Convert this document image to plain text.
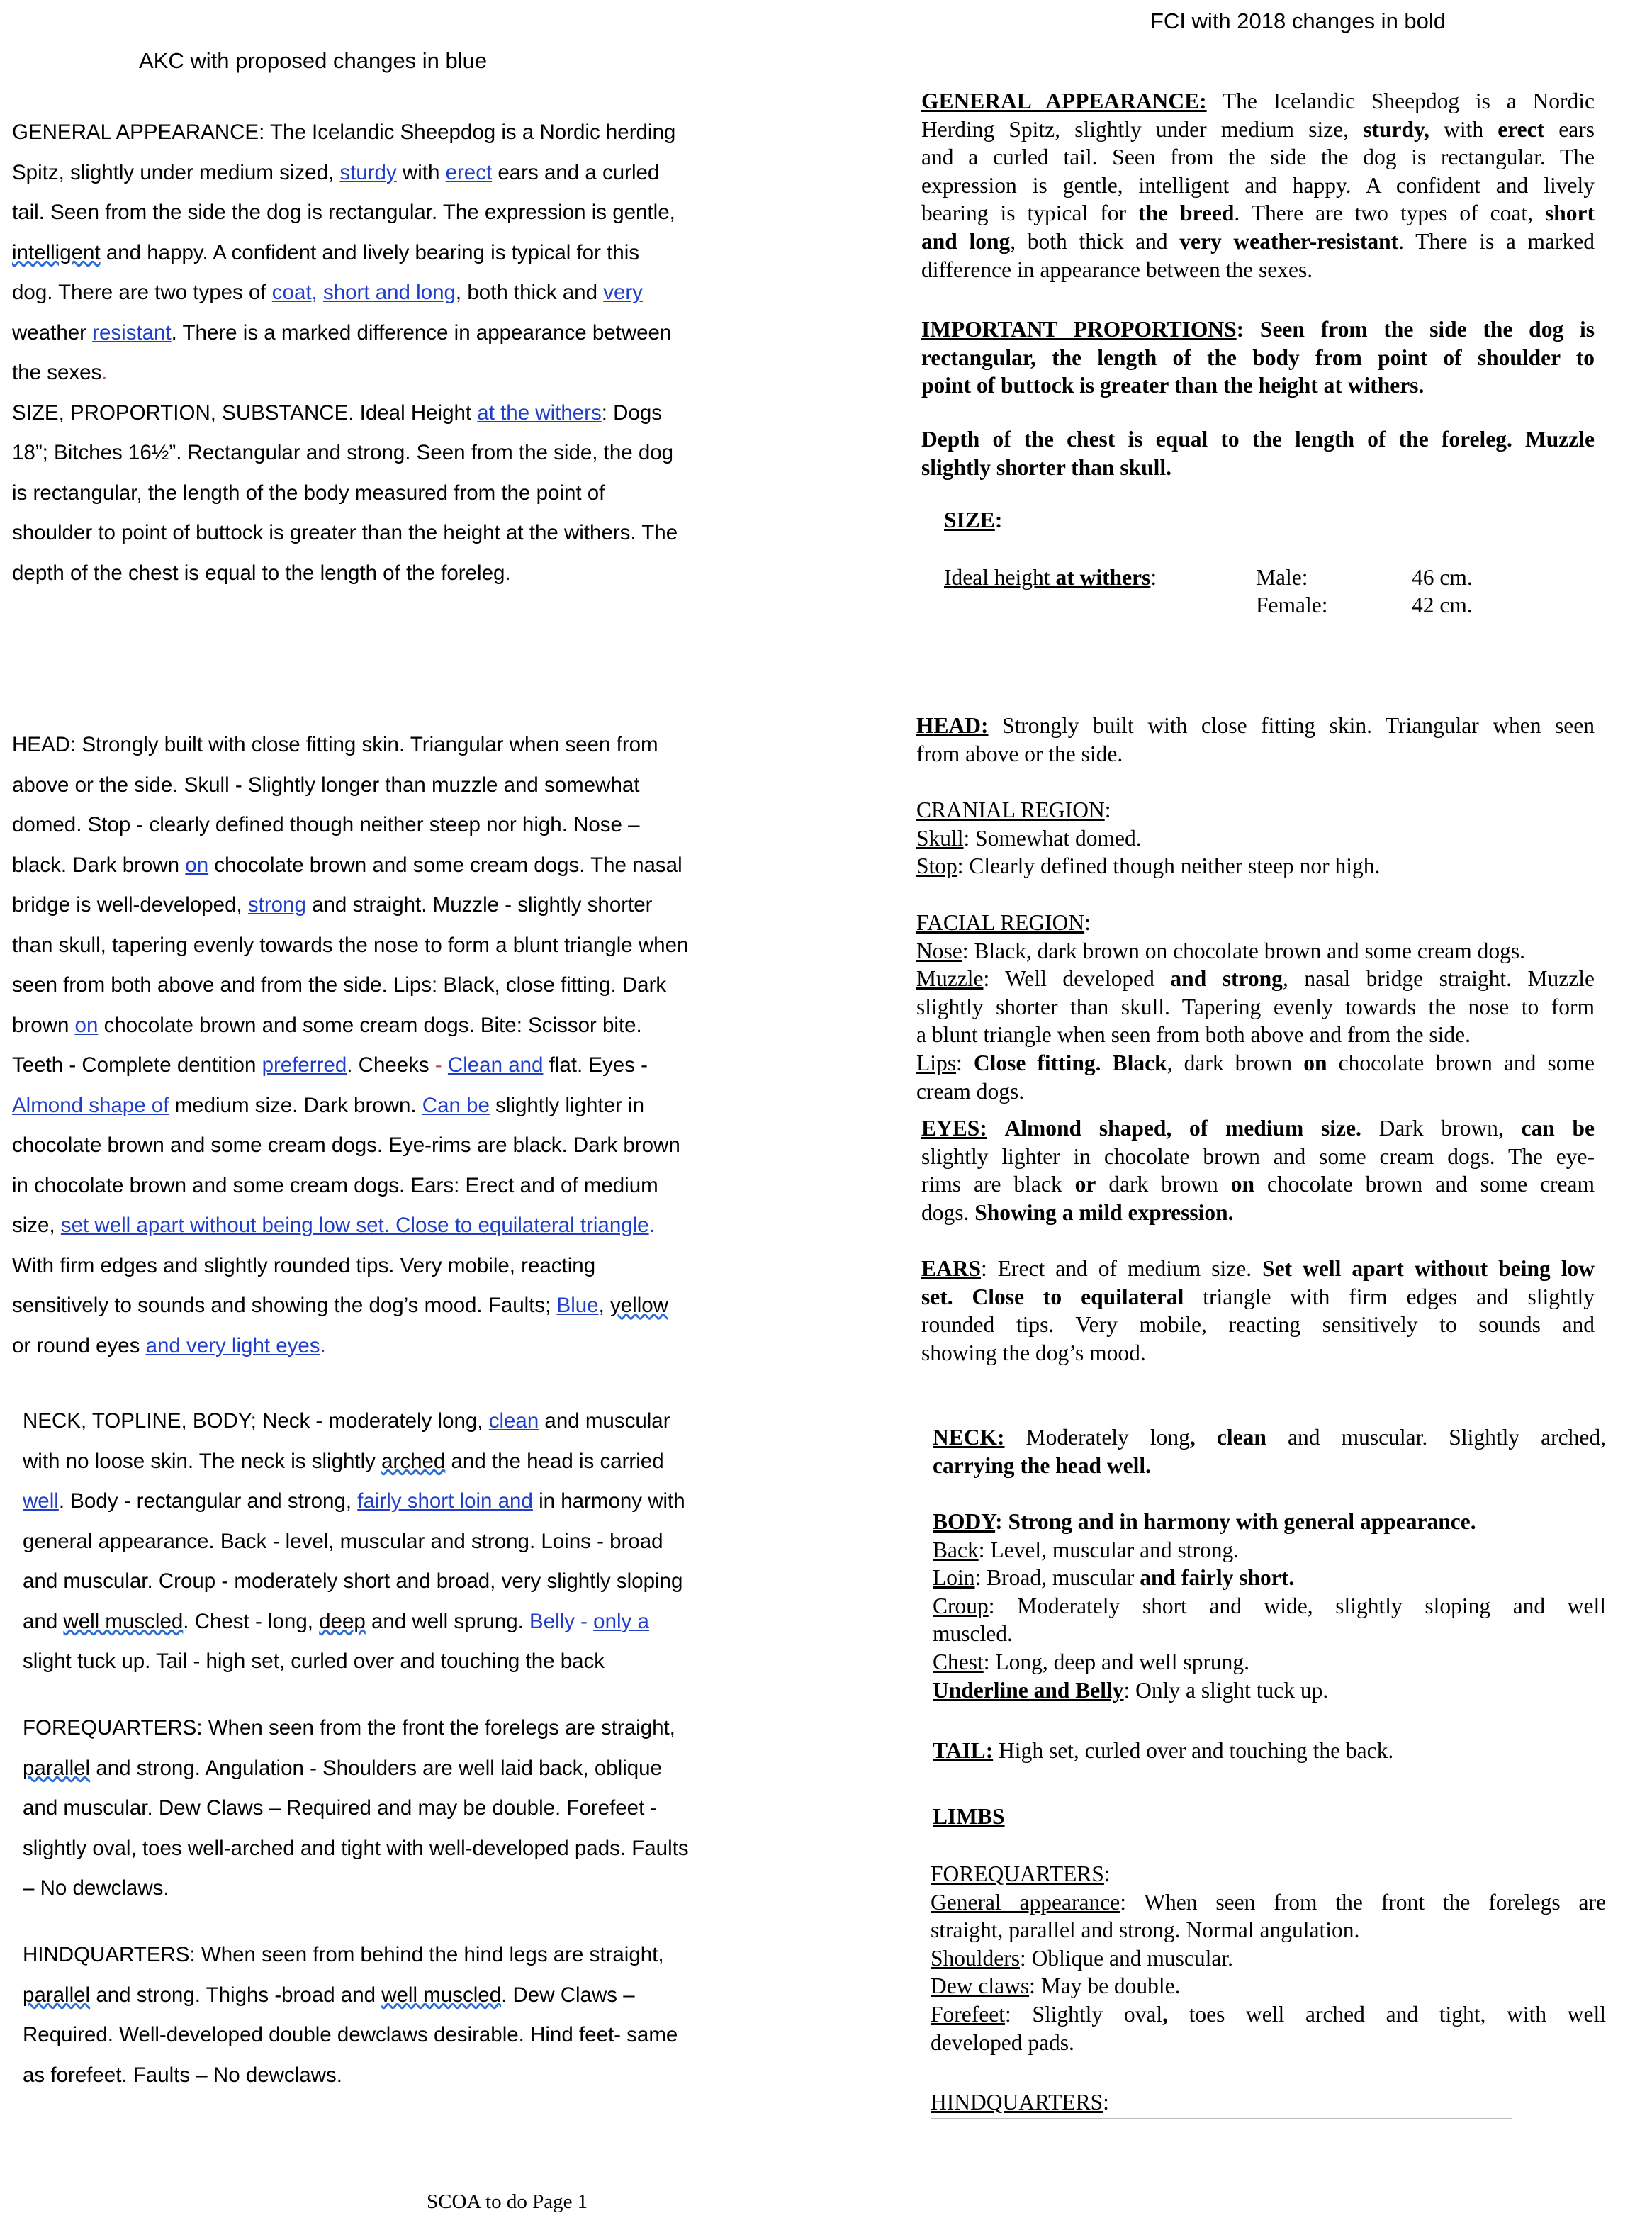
AKC with proposed changes in blue
FCI with 2018 changes in bold
GENERAL APPEARANCE: The Icelandic Sheepdog is a Nordic herding
Spitz, slightly under medium sized, sturdy with erect ears and a curled
tail. Seen from the side the dog is rectangular. The expression is gentle,
intelligent and happy. A confident and lively bearing is typical for this
dog. There are two types of coat, short and long, both thick and very
weather resistant. There is a marked difference in appearance between
the sexes.
SIZE, PROPORTION, SUBSTANCE. Ideal Height at the withers: Dogs
18”; Bitches 16½”. Rectangular and strong. Seen from the side, the dog
is rectangular, the length of the body measured from the point of
shoulder to point of buttock is greater than the height at the withers. The
depth of the chest is equal to the length of the foreleg.
HEAD: Strongly built with close fitting skin. Triangular when seen from
above or the side. Skull - Slightly longer than muzzle and somewhat
domed. Stop - clearly defined though neither steep nor high. Nose –
black. Dark brown on chocolate brown and some cream dogs. The nasal
bridge is well-developed, strong and straight. Muzzle - slightly shorter
than skull, tapering evenly towards the nose to form a blunt triangle when
seen from both above and from the side. Lips: Black, close fitting. Dark
brown on chocolate brown and some cream dogs. Bite: Scissor bite.
Teeth - Complete dentition preferred. Cheeks - Clean and flat. Eyes -
Almond shape of medium size. Dark brown. Can be slightly lighter in
chocolate brown and some cream dogs. Eye-rims are black. Dark brown
in chocolate brown and some cream dogs. Ears: Erect and of medium
size, set well apart without being low set. Close to equilateral triangle.
With firm edges and slightly rounded tips. Very mobile, reacting
sensitively to sounds and showing the dog’s mood. Faults; Blue, yellow
or round eyes and very light eyes.
NECK, TOPLINE, BODY; Neck - moderately long, clean and muscular
with no loose skin. The neck is slightly arched and the head is carried
well. Body - rectangular and strong, fairly short loin and in harmony with
general appearance. Back - level, muscular and strong. Loins - broad
and muscular. Croup - moderately short and broad, very slightly sloping
and well muscled. Chest - long, deep and well sprung. Belly - only a
slight tuck up. Tail - high set, curled over and touching the back
FOREQUARTERS: When seen from the front the forelegs are straight,
parallel and strong. Angulation - Shoulders are well laid back, oblique
and muscular. Dew Claws – Required and may be double. Forefeet -
slightly oval, toes well-arched and tight with well-developed pads. Faults
– No dewclaws.
HINDQUARTERS: When seen from behind the hind legs are straight,
parallel and strong. Thighs -broad and well muscled. Dew Claws –
Required. Well-developed double dewclaws desirable. Hind feet- same
as forefeet. Faults – No dewclaws.
GENERAL APPEARANCE: The Icelandic Sheepdog is a Nordic
Herding Spitz, slightly under medium size, sturdy, with erect ears
and a curled tail. Seen from the side the dog is rectangular. The
expression is gentle, intelligent and happy. A confident and lively
bearing is typical for the breed. There are two types of coat, short
and long, both thick and very weather-resistant. There is a marked
difference in appearance between the sexes.
IMPORTANT PROPORTIONS: Seen from the side the dog is
rectangular, the length of the body from point of shoulder to
point of buttock is greater than the height at withers.
Depth of the chest is equal to the length of the foreleg. Muzzle
slightly shorter than skull.
SIZE:
Ideal height at withers:	Male:	46 cm.
Female:	42 cm.
HEAD: Strongly built with close fitting skin. Triangular when seen
from above or the side.
CRANIAL REGION:
Skull: Somewhat domed.
Stop: Clearly defined though neither steep nor high.
FACIAL REGION:
Nose: Black, dark brown on chocolate brown and some cream dogs.
Muzzle: Well developed and strong, nasal bridge straight. Muzzle
slightly shorter than skull. Tapering evenly towards the nose to form
a blunt triangle when seen from both above and from the side.
Lips: Close fitting. Black, dark brown on chocolate brown and some
cream dogs.
EYES: Almond shaped, of medium size. Dark brown, can be
slightly lighter in chocolate brown and some cream dogs. The eye-
rims are black or dark brown on chocolate brown and some cream
dogs. Showing a mild expression.
EARS: Erect and of medium size. Set well apart without being low
set. Close to equilateral triangle with firm edges and slightly
rounded tips. Very mobile, reacting sensitively to sounds and
showing the dog’s mood.
NECK: Moderately long, clean and muscular. Slightly arched,
carrying the head well.
BODY: Strong and in harmony with general appearance.
Back: Level, muscular and strong.
Loin: Broad, muscular and fairly short.
Croup: Moderately short and wide, slightly sloping and well
muscled.
Chest: Long, deep and well sprung.
Underline and Belly: Only a slight tuck up.
TAIL: High set, curled over and touching the back.
LIMBS
FOREQUARTERS:
General appearance: When seen from the front the forelegs are
straight, parallel and strong. Normal angulation.
Shoulders: Oblique and muscular.
Dew claws: May be double.
Forefeet: Slightly oval, toes well arched and tight, with well
developed pads.
HINDQUARTERS:
SCOA to do Page 1
